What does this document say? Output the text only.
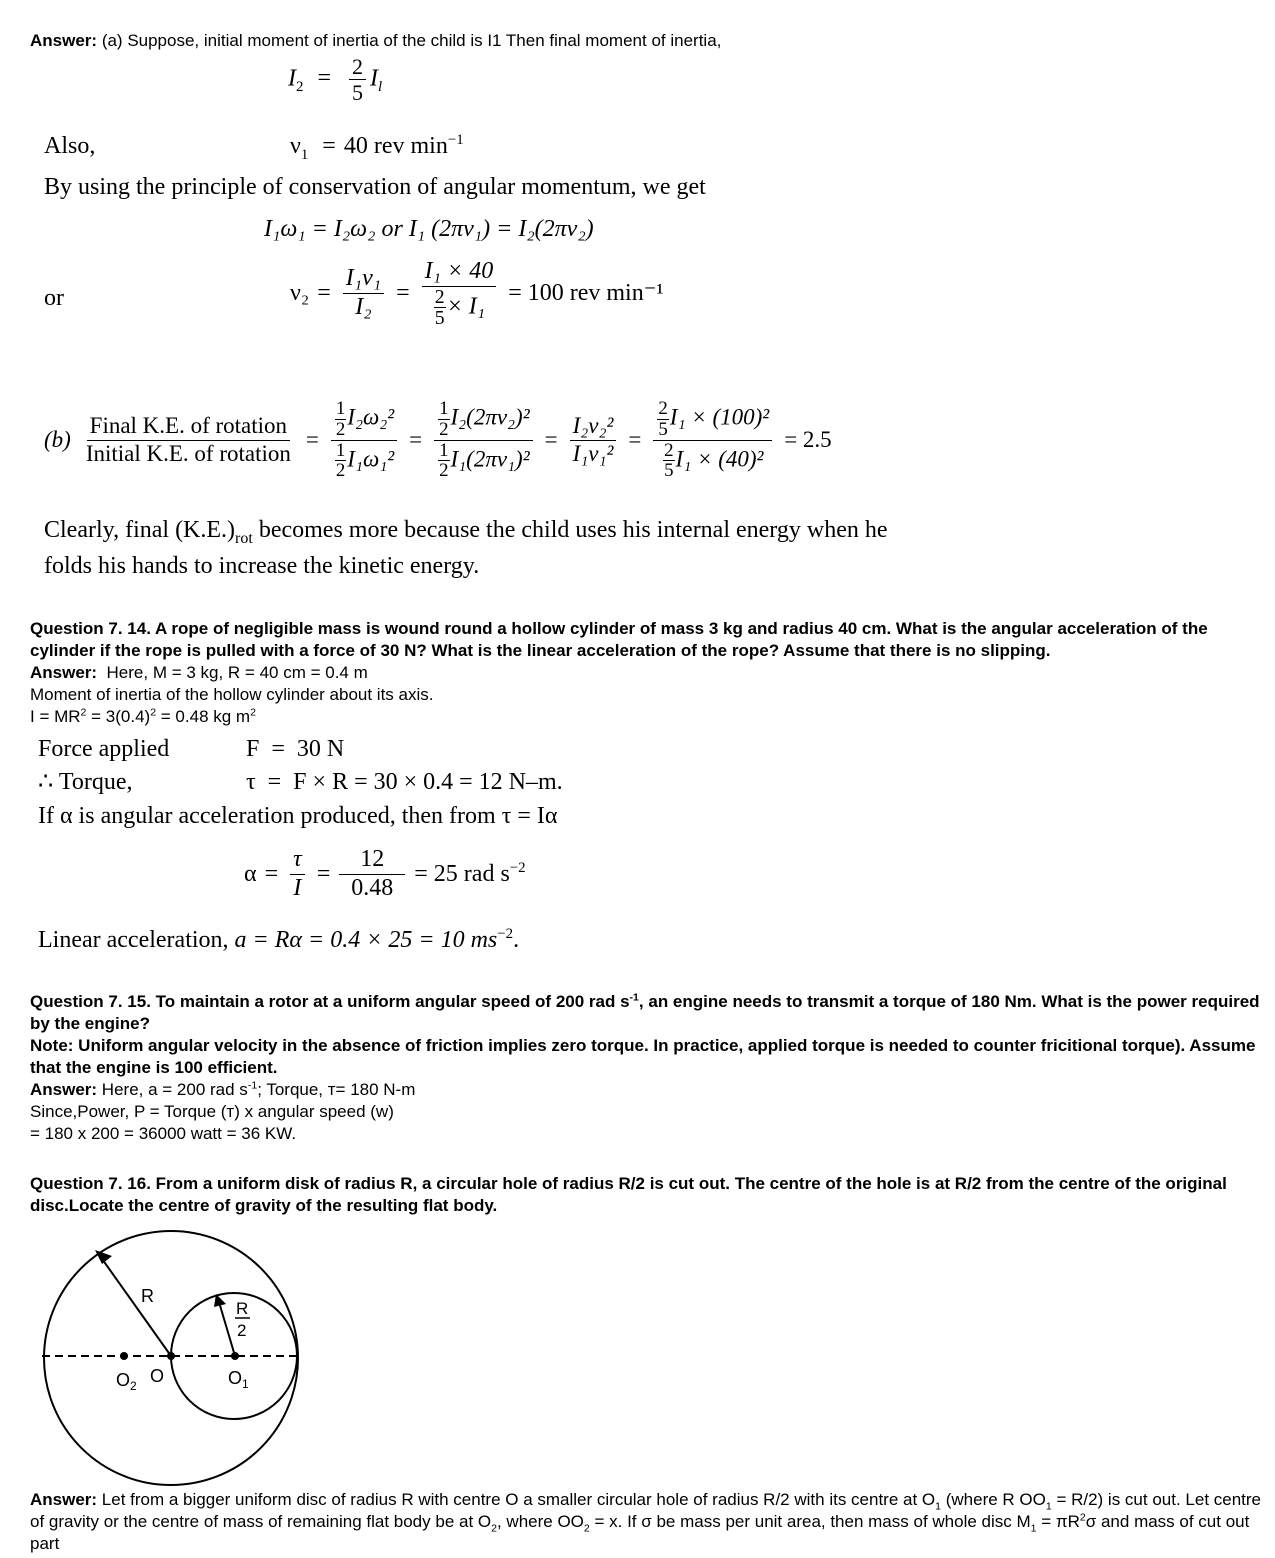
Answer: (a) Suppose, initial moment of inertia of the child is I1 Then final moment of inertia,

$I_2 = \frac{2}{5} I_l$
Also,	$\nu_1 = 40$ rev $\min^{-1}$
By using the principle of conservation of angular momentum, we get
I₁ω₁ = I₂ω₂ or I₁ (2πν₁) = I₂(2πν₂)
or	$\nu_2 = \frac{\text{I₁ν₁}}{\text{I₂}} = \frac{\text{I₁ × 40}}{\frac{2}{5} \times I_1} = 100$ rev min⁻¹
$(b) \frac{\text{Final K.E. of rotation}}{\text{Initial K.E. of rotation}} = \frac{\frac{1}{2} I_2\omega_2^2}{\frac{1}{2} I_1\omega_1^2} = \frac{\frac{1}{2} I_2(2\pi\nu_2)^2}{\frac{1}{2} I_1(2\pi\nu_1)^2} = \frac{\text{I₂ν₂²}}{\text{I₁ν₁²}} = \frac{\frac{2}{5} I_1 \times (100)^2}{\frac{2}{5} I_1 \times (40)^2} = 2.5$
Clearly, final $(K.E.)_{rot}$ becomes more because the child uses his internal energy when he
folds his hands to increase the kinetic energy.

Question 7. 14. A rope of negligible mass is wound round a hollow cylinder of mass 3 kg and radius 40 cm. What is the angular acceleration of the cylinder if the rope is pulled with a force of 30 N? What is the linear acceleration of the rope? Assume that there is no slipping.

Answer:  Here, M = 3 kg, R = 40 cm = 0.4 m

Moment of inertia of the hollow cylinder about its axis.

$I = MR^2 = 3(0.4)^2 = 0.48$ kg $m^2$

Force applied	F  =  30 N
∴ Torque,	τ  =  F × R = 30 × 0.4 = 12 N–m.
If α is angular acceleration produced, then from τ = Iα
$\alpha = \frac{\tau}{I} = \frac{12}{0.48} = 25$ rad $s^{-2}$
Linear acceleration, a = Rα = 0.4 × 25 = 10 $ms^{-2}$.

Question 7. 15. To maintain a rotor at a uniform angular speed of 200 rad $s^{-1}$, an engine needs to transmit a torque of 180 Nm. What is the power required by the engine?

Note: Uniform angular velocity in the absence of friction implies zero torque. In practice, applied torque is needed to counter fricitional torque). Assume that the engine is 100 efficient.

Answer: Here, a = 200 rad $s^{-1}$; Torque, т= 180 N-m

Since,Power, P = Torque (т) x angular speed (w)

= 180 x 200 = 36000 watt = 36 KW.

Question 7. 16. From a uniform disk of radius R, a circular hole of radius R/2 is cut out. The centre of the hole is at R/2 from the centre of the original disc.Locate the centre of gravity of the resulting flat body.

R
R
2
O
O 2	O 1

Answer: Let from a bigger uniform disc of radius R with centre O a smaller circular hole of radius R/2 with its centre at $O_1$ (where R $OO_1 = R/2$) is cut out. Let centre of gravity or the centre of mass of remaining flat body be at $O_2$, where $OO_2 = x$. If σ be mass per unit area, then mass of whole disc $M_1 = \pi R^2\sigma$ and mass of cut out part
